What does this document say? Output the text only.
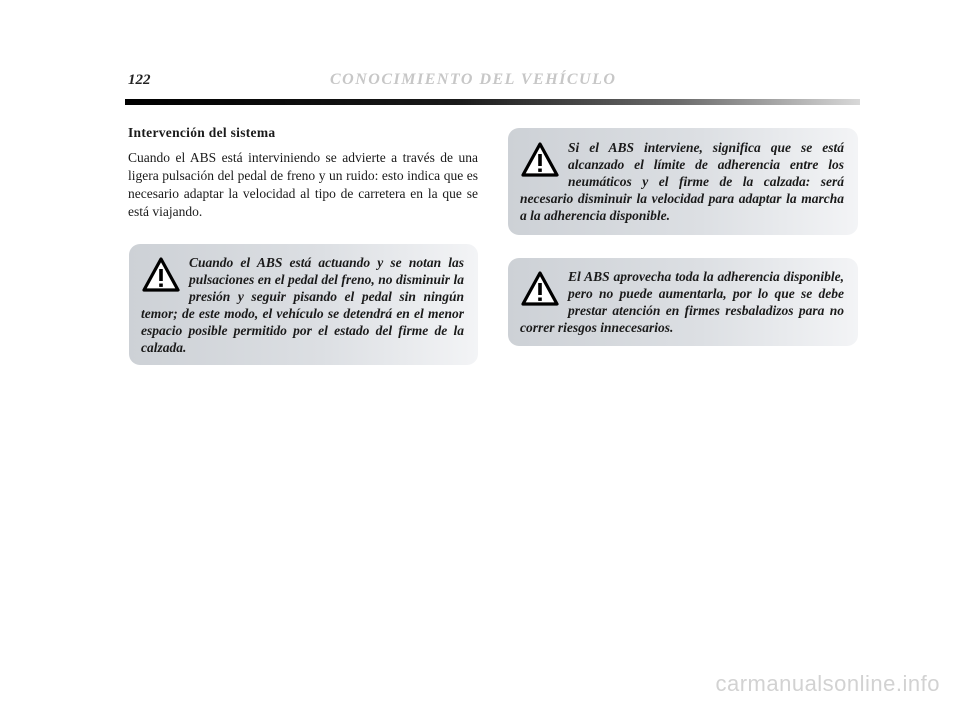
122	CONOCIMIENTO DEL VEHÍCULO
Intervención del sistema

Cuando el ABS está interviniendo se advierte a través de una ligera pulsación del pedal de freno y un ruido: esto indica que es necesario adaptar la velocidad al tipo de carretera en la que se está viajando.

Cuando el ABS está actuando y se notan las pulsaciones en el pedal del freno, no disminuir la presión y seguir pisando el pedal sin ningún temor; de este modo, el vehículo se detendrá en el menor espacio posible permitido por el estado del firme de la calzada.

Si el ABS interviene, significa que se está alcanzado el límite de adherencia entre los neumáticos y el firme de la calzada: será necesario disminuir la velocidad para adaptar la marcha a la adherencia disponible.

El ABS aprovecha toda la adherencia disponible, pero no puede aumentarla, por lo que se debe prestar atención en firmes resbaladizos para no correr riesgos innecesarios.

carmanualsonline.info
